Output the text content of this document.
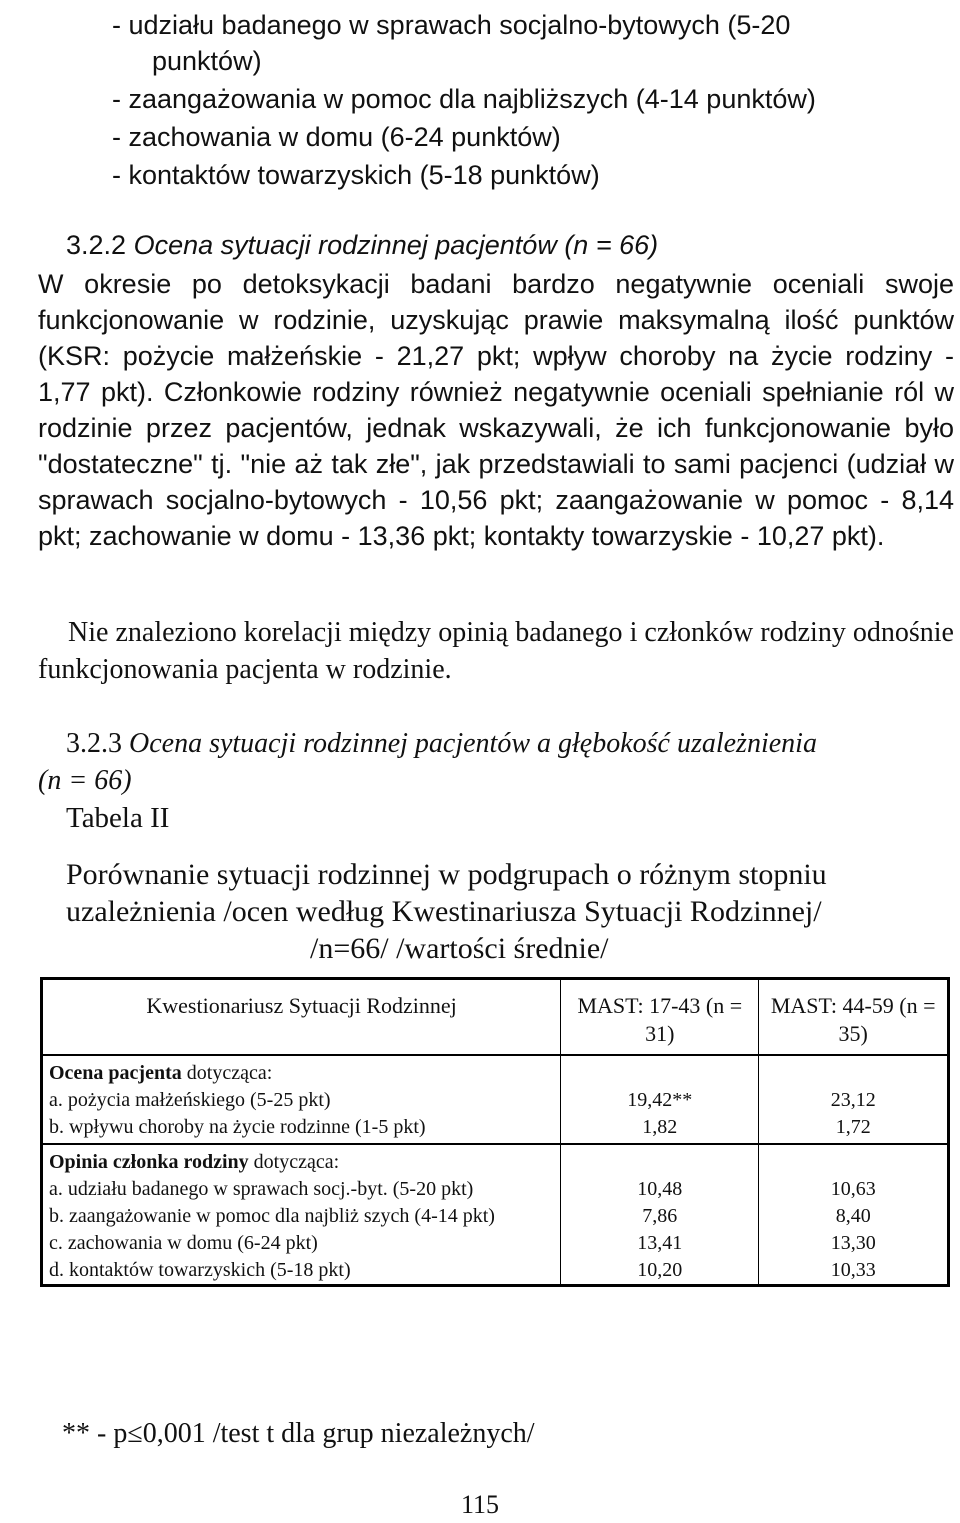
- udziału badanego w sprawach socjalno-bytowych (5-20
punktów)
- zaangażowania w pomoc dla najbliższych (4-14 punktów)
- zachowania w domu (6-24 punktów)
- kontaktów towarzyskich (5-18 punktów)
3.2.2 Ocena sytuacji rodzinnej pacjentów (n = 66)
W okresie po detoksykacji badani bardzo negatywnie oceniali swoje funkcjonowanie w rodzinie, uzyskując prawie maksymalną ilość punktów (KSR: pożycie małżeńskie - 21,27 pkt; wpływ choroby na życie rodziny - 1,77 pkt). Członkowie rodziny również negatywnie oceniali spełnianie ról w rodzinie przez pacjentów, jednak wskazywali, że ich funkcjonowanie było "dostateczne" tj. "nie aż tak złe", jak przedstawiali to sami pacjenci (udział w sprawach socjalno-bytowych - 10,56 pkt; zaangażowanie w pomoc - 8,14 pkt; zachowanie w domu - 13,36 pkt; kontakty towarzyskie - 10,27 pkt).
Nie znaleziono korelacji między opinią badanego i członków rodziny odnośnie funkcjonowania pacjenta w rodzinie.
3.2.3 Ocena sytuacji rodzinnej pacjentów a głębokość uzależnienia
(n = 66)
Tabela II
Porównanie sytuacji rodzinnej w podgrupach o różnym stopniu
uzależnienia /ocen według Kwestinariusza Sytuacji Rodzinnej/
/n=66/ /wartości średnie/
Kwestionariusz Sytuacji Rodzinnej	MAST: 17-43 (n = 31)	MAST: 44-59 (n = 35)
Ocena pacjenta dotycząca:		
a. pożycia małżeńskiego (5-25 pkt)	19,42**	23,12
b. wpływu choroby na życie rodzinne (1-5 pkt)	1,82	1,72
Opinia członka rodziny dotycząca:		
a. udziału badanego w sprawach socj.-byt. (5-20 pkt)	10,48	10,63
b. zaangażowanie w pomoc dla najbliż szych (4-14 pkt)	7,86	8,40
c. zachowania w domu (6-24 pkt)	13,41	13,30
d. kontaktów towarzyskich (5-18 pkt)	10,20	10,33
** - p≤0,001 /test t dla grup niezależnych/
115
